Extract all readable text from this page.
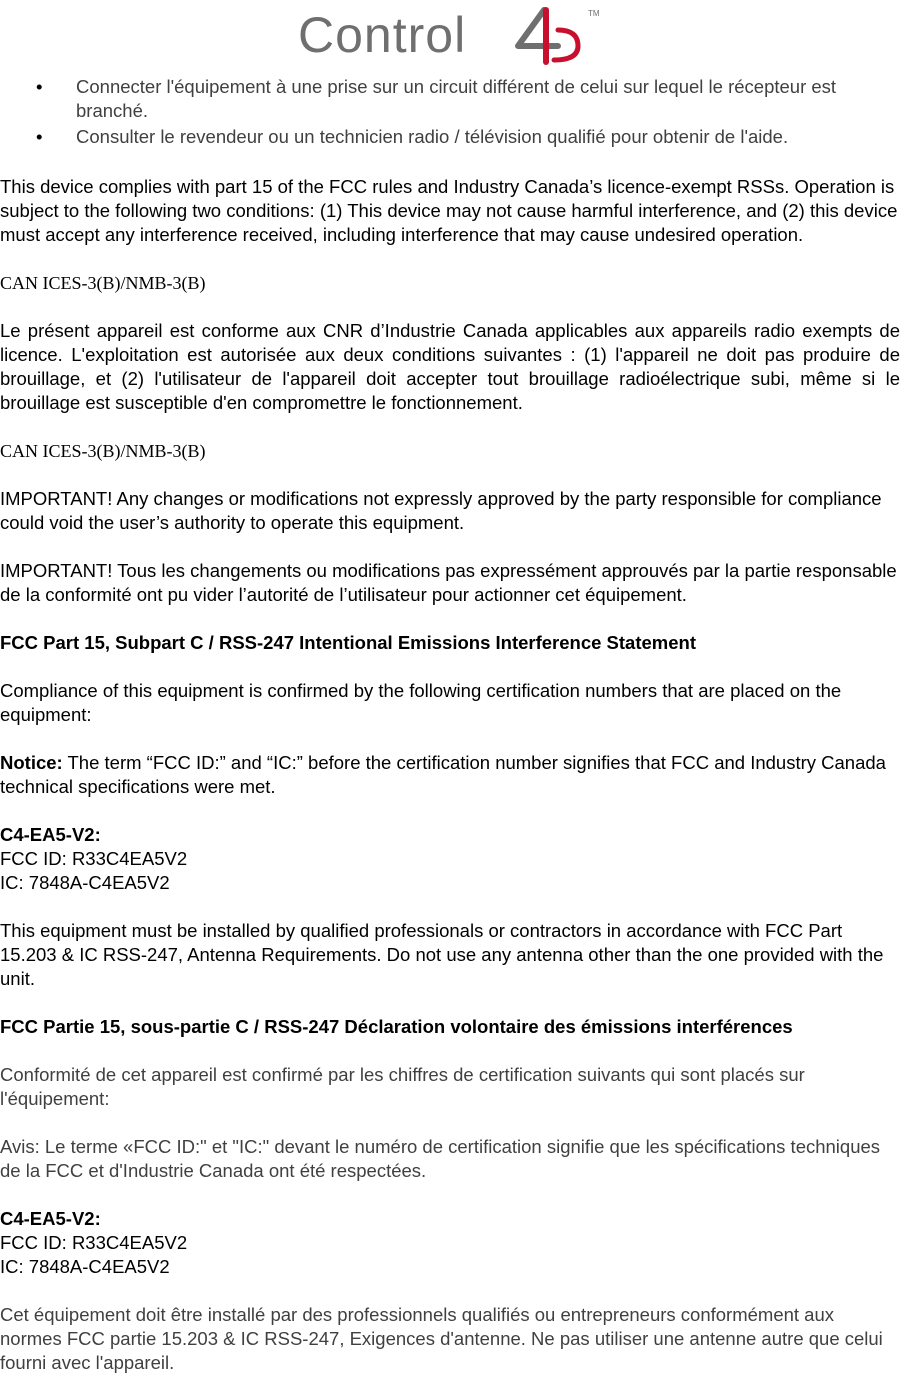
Control	TM
• Connecter l'équipement à une prise sur un circuit différent de celui sur lequel le récepteur est branché.
• Consulter le revendeur ou un technicien radio / télévision qualifié pour obtenir de l'aide.

This device complies with part 15 of the FCC rules and Industry Canada’s licence-exempt RSSs. Operation is subject to the following two conditions: (1) This device may not cause harmful interference, and (2) this device must accept any interference received, including interference that may cause undesired operation.

CAN ICES-3(B)/NMB-3(B)

Le présent appareil est conforme aux CNR d’Industrie Canada applicables aux appareils radio exempts de licence. L'exploitation est autorisée aux deux conditions suivantes : (1) l'appareil ne doit pas produire de brouillage, et (2) l'utilisateur de l'appareil doit accepter tout brouillage radioélectrique subi, même si le brouillage est susceptible d'en compromettre le fonctionnement.

CAN ICES-3(B)/NMB-3(B)

IMPORTANT! Any changes or modifications not expressly approved by the party responsible for compliance could void the user’s authority to operate this equipment.

IMPORTANT! Tous les changements ou modifications pas expressément approuvés par la partie responsable de la conformité ont pu vider l’autorité de l’utilisateur pour actionner cet équipement.

FCC Part 15, Subpart C / RSS-247 Intentional Emissions Interference Statement

Compliance of this equipment is confirmed by the following certification numbers that are placed on the equipment:

Notice: The term “FCC ID:” and “IC:” before the certification number signifies that FCC and Industry Canada technical specifications were met.

C4-EA5-V2:

FCC ID: R33C4EA5V2

IC: 7848A-C4EA5V2

This equipment must be installed by qualified professionals or contractors in accordance with FCC Part 15.203 & IC RSS-247, Antenna Requirements. Do not use any antenna other than the one provided with the unit.

FCC Partie 15, sous-partie C / RSS-247 Déclaration volontaire des émissions interférences

Conformité de cet appareil est confirmé par les chiffres de certification suivants qui sont placés sur l'équipement:

Avis: Le terme «FCC ID:" et "IC:" devant le numéro de certification signifie que les spécifications techniques de la FCC et d'Industrie Canada ont été respectées.

C4-EA5-V2:

FCC ID: R33C4EA5V2

IC: 7848A-C4EA5V2

Cet équipement doit être installé par des professionnels qualifiés ou entrepreneurs conformément aux normes FCC partie 15.203 & IC RSS-247, Exigences d'antenne. Ne pas utiliser une antenne autre que celui fourni avec l'appareil.
